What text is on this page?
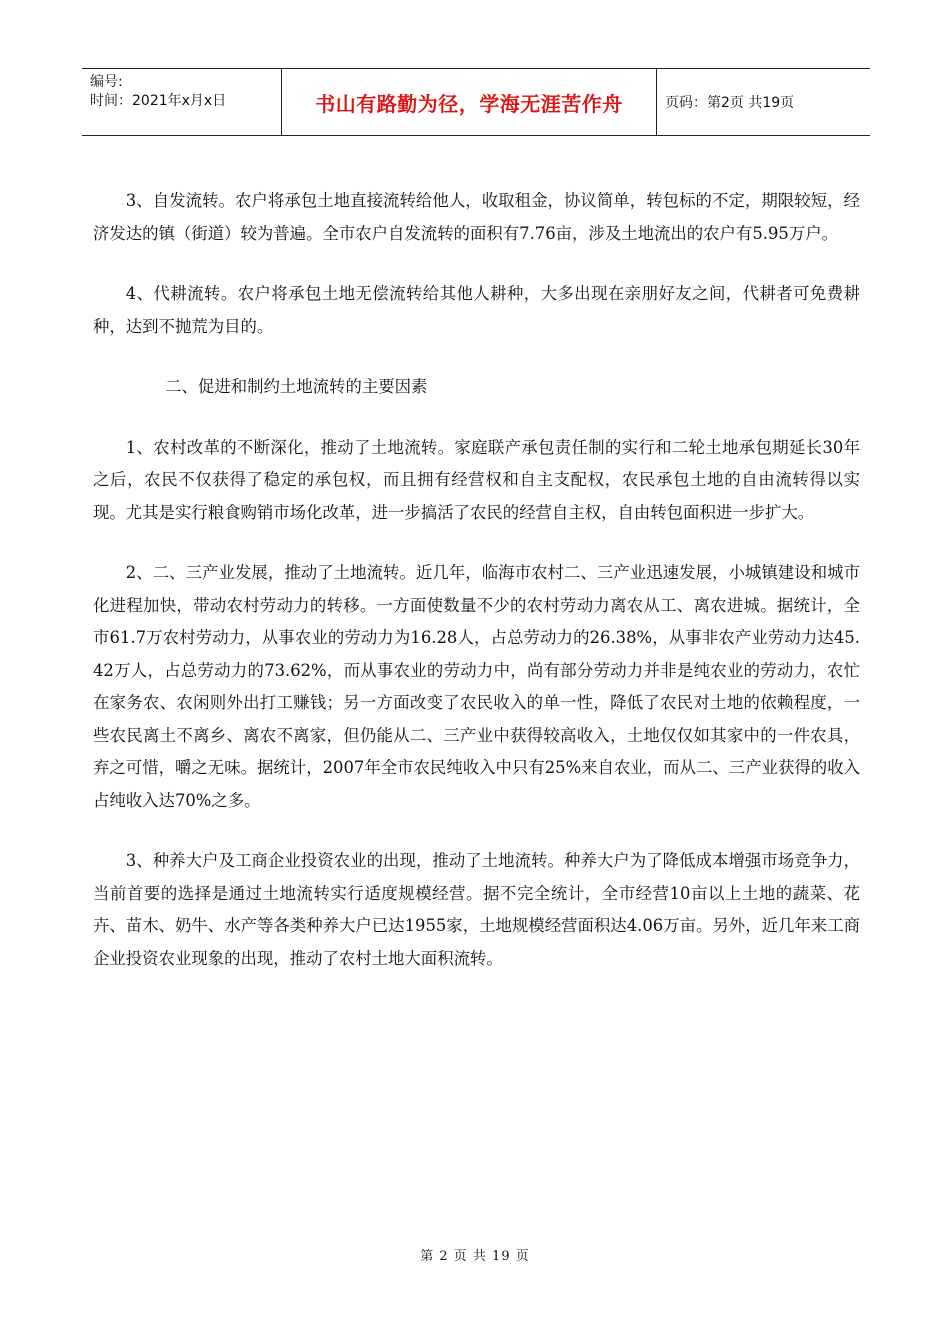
编号:
时间：2021年x月x日	书山有路勤为径，学海无涯苦作舟	页码：第2页 共19页

3、自发流转。农户将承包土地直接流转给他人，收取租金，协议简单，转包标的不定，期限较短，经济发达的镇（街道）较为普遍。全市农户自发流转的面积有7.76亩，涉及土地流出的农户有5.95万户。

4、代耕流转。农户将承包土地无偿流转给其他人耕种，大多出现在亲朋好友之间，代耕者可免费耕种，达到不抛荒为目的。

二、促进和制约土地流转的主要因素

1、农村改革的不断深化，推动了土地流转。家庭联产承包责任制的实行和二轮土地承包期延长30年之后，农民不仅获得了稳定的承包权，而且拥有经营权和自主支配权，农民承包土地的自由流转得以实现。尤其是实行粮食购销市场化改革，进一步搞活了农民的经营自主权，自由转包面积进一步扩大。

2、二、三产业发展，推动了土地流转。近几年，临海市农村二、三产业迅速发展，小城镇建设和城市化进程加快，带动农村劳动力的转移。一方面使数量不少的农村劳动力离农从工、离农进城。据统计，全市61.7万农村劳动力，从事农业的劳动力为16.28人，占总劳动力的26.38%，从事非农产业劳动力达45.42万人，占总劳动力的73.62%，而从事农业的劳动力中，尚有部分劳动力并非是纯农业的劳动力，农忙在家务农、农闲则外出打工赚钱；另一方面改变了农民收入的单一性，降低了农民对土地的依赖程度，一些农民离土不离乡、离农不离家，但仍能从二、三产业中获得较高收入，土地仅仅如其家中的一件农具，弃之可惜，嚼之无味。据统计，2007年全市农民纯收入中只有25%来自农业，而从二、三产业获得的收入占纯收入达70%之多。

3、种养大户及工商企业投资农业的出现，推动了土地流转。种养大户为了降低成本增强市场竞争力，当前首要的选择是通过土地流转实行适度规模经营。据不完全统计，全市经营10亩以上土地的蔬菜、花卉、苗木、奶牛、水产等各类种养大户已达1955家，土地规模经营面积达4.06万亩。另外，近几年来工商企业投资农业现象的出现，推动了农村土地大面积流转。

第 2 页 共 19 页
